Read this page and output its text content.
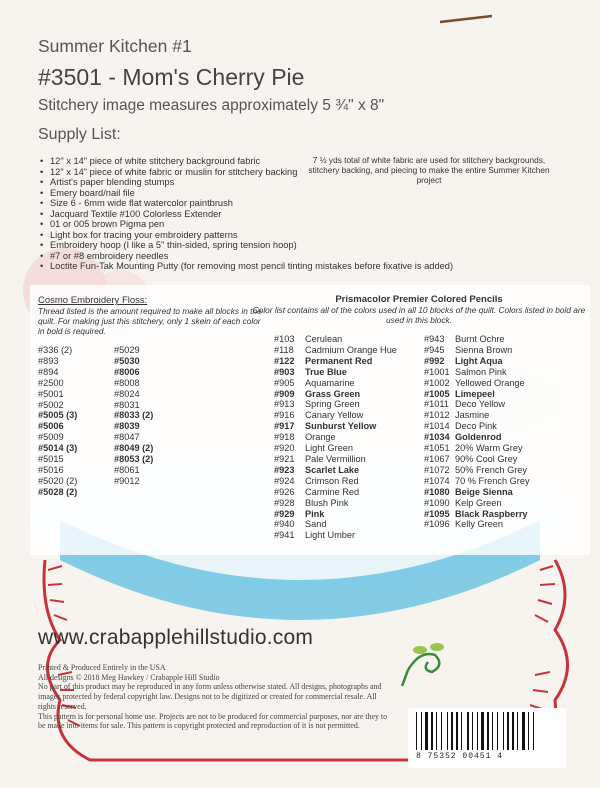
Summer Kitchen #1
#3501 - Mom's Cherry Pie
Stitchery image measures approximately 5 ¾" x 8"
Supply List:
• 12" x 14" piece of white stitchery background fabric
• 12" x 14" piece of white fabric or muslin for stitchery backing
• Artist's paper blending stumps
• Emery board/nail file
• Size 6 - 6mm wide flat watercolor paintbrush
• Jacquard Textile #100 Colorless Extender
• 01 or 005 brown Pigma pen
• Light box for tracing your embroidery patterns
• Embroidery hoop (I like a 5" thin-sided, spring tension hoop)
• #7 or #8 embroidery needles
• Loctite Fun-Tak Mounting Putty (for removing most pencil tinting mistakes before fixative is added)
7 ½ yds total of white fabric are used for stitchery backgrounds, stitchery backing, and piecing to make the entire Summer Kitchen project
Cosmo Embroidery Floss:
Thread listed is the amount required to make all blocks in the quilt. For making just this stitchery, only 1 skein of each color in bold is required.
#336 (2)
#893
#894
#2500
#5001
#5002
#5005 (3)
#5006
#5009
#5014 (3)
#5015
#5016
#5020 (2)
#5028 (2)
#5029
#5030
#8006
#8008
#8024
#8031
#8033 (2)
#8039
#8047
#8049 (2)
#8053 (2)
#8061
#9012
Prismacolor Premier Colored Pencils
Color list contains all of the colors used in all 10 blocks of the quilt. Colors listed in bold are used in this block.
#103 Cerulean
#118 Cadmium Orange Hue
#122 Permanent Red
#903 True Blue
#905 Aquamarine
#909 Grass Green
#913 Spring Green
#916 Canary Yellow
#917 Sunburst Yellow
#918 Orange
#920 Light Green
#921 Pale Vermillion
#923 Scarlet Lake
#924 Crimson Red
#926 Carmine Red
#928 Blush Pink
#929 Pink
#940 Sand
#941 Light Umber
#943 Burnt Ochre
#945 Sienna Brown
#992 Light Aqua
#1001 Salmon Pink
#1002 Yellowed Orange
#1005 Limepeel
#1011 Deco Yellow
#1012 Jasmine
#1014 Deco Pink
#1034 Goldenrod
#1051 20% Warm Grey
#1067 90% Cool Grey
#1072 50% French Grey
#1074 70 % French Grey
#1080 Beige Sienna
#1090 Kelp Green
#1095 Black Raspberry
#1096 Kelly Green
www.crabapplehillstudio.com
Printed & Produced Entirely in the USA
All designs © 2018 Meg Hawkey / Crabapple Hill Studio
No part of this product may be reproduced in any form unless otherwise stated. All designs, photographs and images protected by federal copyright law. Designs not to be digitized or created for commercial resale. All rights reserved.
This pattern is for personal home use. Projects are not to be produced for commercial purposes, nor are they to be made into items for sale. This pattern is copyright protected and reproduction of it is not permitted.
8 75352 00451 4
